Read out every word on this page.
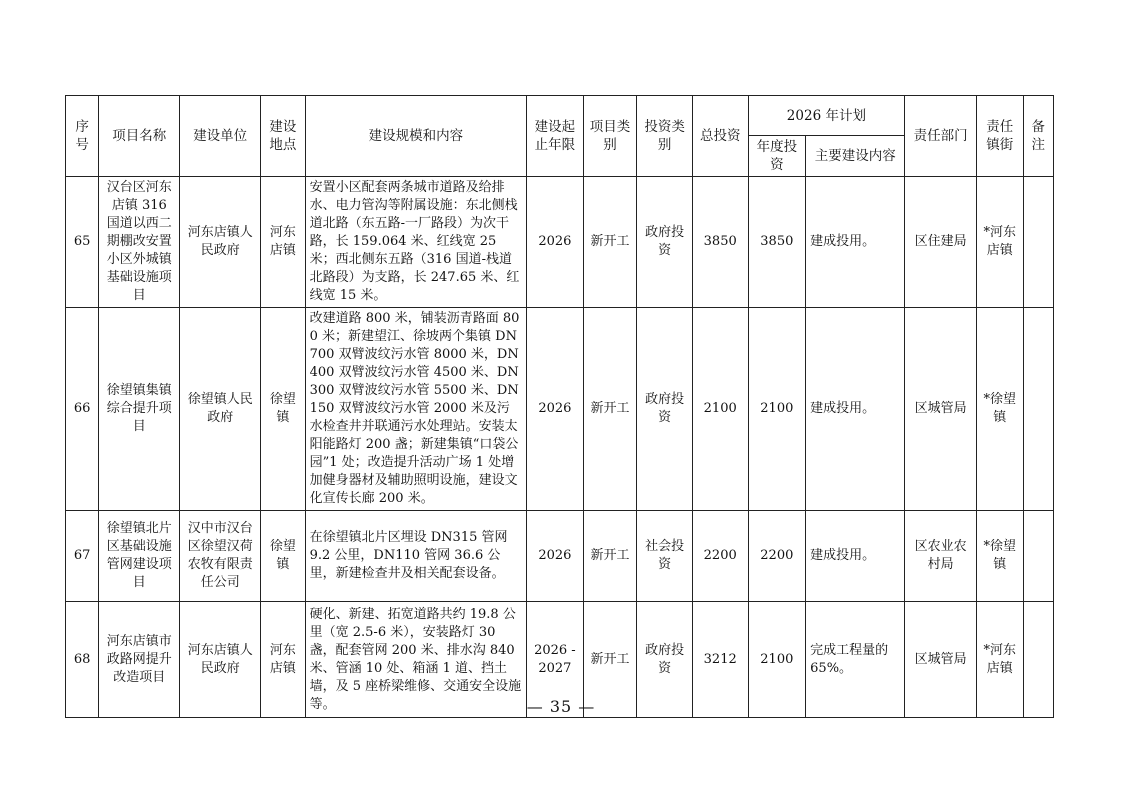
序号	项目名称	建设单位	建设地点	建设规模和内容	建设起止年限	项目类别	投资类别	总投资	2026 年计划		责任部门	责任镇街	备注
									年度投资	主要建设内容			
65	汉台区河东店镇 316 国道以西二期棚改安置小区外城镇基础设施项目	河东店镇人民政府	河东店镇	安置小区配套两条城市道路及给排水、电力管沟等附属设施：东北侧栈道北路（东五路-一厂路段）为次干路，长 159.064 米、红线宽 25 米；西北侧东五路（316 国道-栈道北路段）为支路，长 247.65 米、红线宽 15 米。	2026	新开工	政府投资	3850	3850	建成投用。	区住建局	*河东店镇	
66	徐望镇集镇综合提升项目	徐望镇人民政府	徐望镇	改建道路 800 米，铺装沥青路面 800 米；新建望江、徐坡两个集镇 DN700 双臂波纹污水管 8000 米，DN400 双臂波纹污水管 4500 米、DN300 双臂波纹污水管 5500 米、DN150 双臂波纹污水管 2000 米及污水检查井并联通污水处理站。安装太阳能路灯 200 盏；新建集镇“口袋公园”1 处；改造提升活动广场 1 处增加健身器材及辅助照明设施，建设文化宣传长廊 200 米。	2026	新开工	政府投资	2100	2100	建成投用。	区城管局	*徐望镇	
67	徐望镇北片区基础设施管网建设项目	汉中市汉台区徐望汉荷农牧有限责任公司	徐望镇	在徐望镇北片区埋设 DN315 管网 9.2 公里，DN110 管网 36.6 公里，新建检查井及相关配套设备。	2026	新开工	社会投资	2200	2200	建成投用。	区农业农村局	*徐望镇	
68	河东店镇市政路网提升改造项目	河东店镇人民政府	河东店镇	硬化、新建、拓宽道路共约 19.8 公里（宽 2.5-6 米），安装路灯 30 盏，配套管网 200 米、排水沟 840 米、管涵 10 处、箱涵 1 道、挡土墙，及 5 座桥梁维修、交通安全设施等。	2026 -2027	新开工	政府投资	3212	2100	完成工程量的 65%。	区城管局	*河东店镇	
— 35 —
